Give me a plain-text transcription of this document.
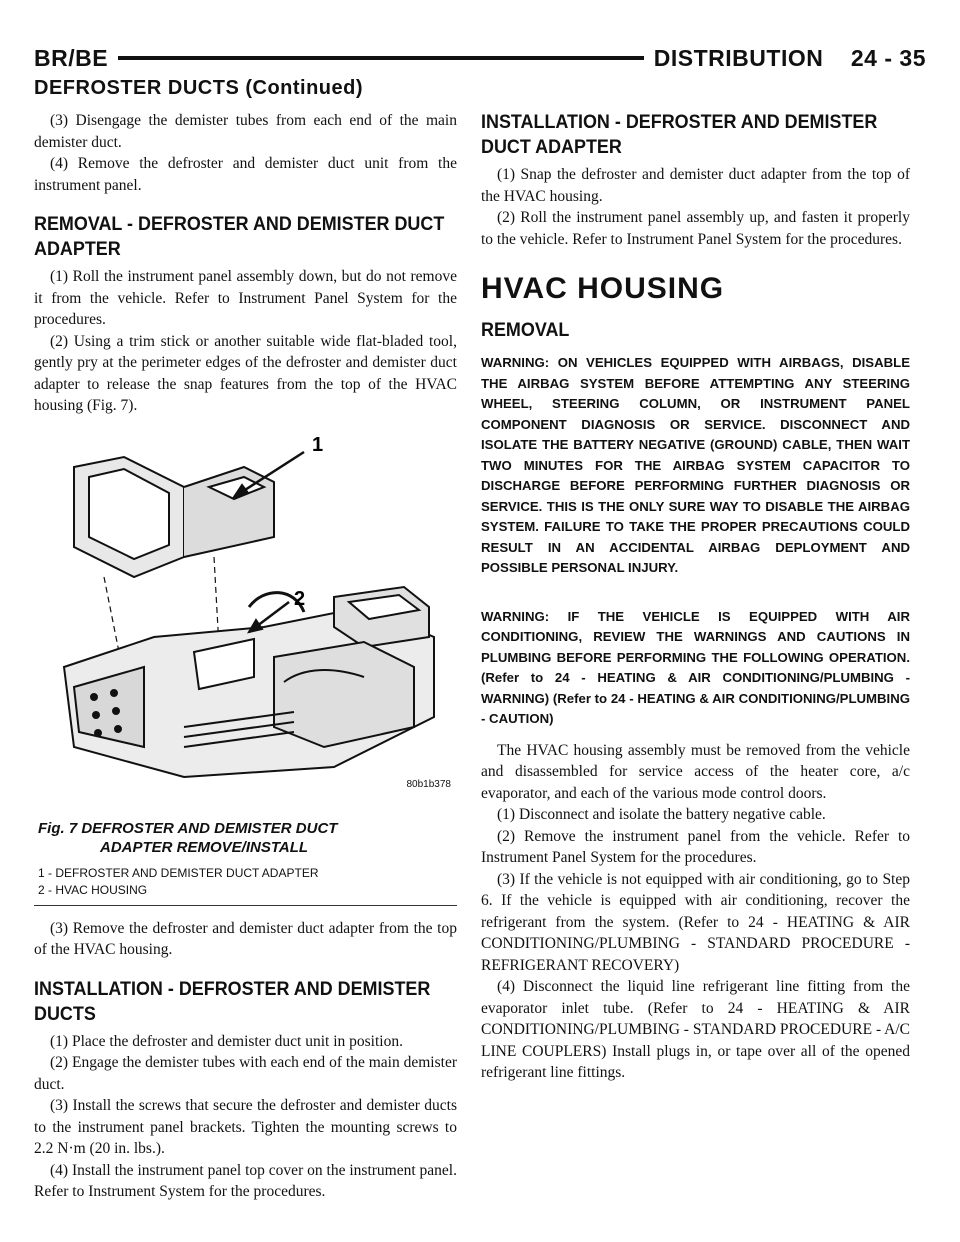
BR/BE	DISTRIBUTION    24 - 35
DEFROSTER DUCTS (Continued)

(3) Disengage the demister tubes from each end of the main demister duct.

(4) Remove the defroster and demister duct unit from the instrument panel.

REMOVAL - DEFROSTER AND DEMISTER DUCT ADAPTER

(1) Roll the instrument panel assembly down, but do not remove it from the vehicle. Refer to Instrument Panel System for the procedures.

(2) Using a trim stick or another suitable wide flat-bladed tool, gently pry at the perimeter edges of the defroster and demister duct adapter to release the snap features from the top of the HVAC housing (Fig. 7).

1
2
80b1b378
Fig. 7 DEFROSTER AND DEMISTER DUCT
ADAPTER REMOVE/INSTALL
1 - DEFROSTER AND DEMISTER DUCT ADAPTER
2 - HVAC HOUSING

(3) Remove the defroster and demister duct adapter from the top of the HVAC housing.

INSTALLATION - DEFROSTER AND DEMISTER DUCTS

(1) Place the defroster and demister duct unit in position.

(2) Engage the demister tubes with each end of the main demister duct.

(3) Install the screws that secure the defroster and demister ducts to the instrument panel brackets. Tighten the mounting screws to 2.2 N·m (20 in. lbs.).

(4) Install the instrument panel top cover on the instrument panel. Refer to Instrument System for the procedures.

INSTALLATION - DEFROSTER AND DEMISTER DUCT ADAPTER

(1) Snap the defroster and demister duct adapter from the top of the HVAC housing.

(2) Roll the instrument panel assembly up, and fasten it properly to the vehicle. Refer to Instrument Panel System for the procedures.

HVAC HOUSING
REMOVAL

WARNING: ON VEHICLES EQUIPPED WITH AIRBAGS, DISABLE THE AIRBAG SYSTEM BEFORE ATTEMPTING ANY STEERING WHEEL, STEERING COLUMN, OR INSTRUMENT PANEL COMPONENT DIAGNOSIS OR SERVICE. DISCONNECT AND ISOLATE THE BATTERY NEGATIVE (GROUND) CABLE, THEN WAIT TWO MINUTES FOR THE AIRBAG SYSTEM CAPACITOR TO DISCHARGE BEFORE PERFORMING FURTHER DIAGNOSIS OR SERVICE. THIS IS THE ONLY SURE WAY TO DISABLE THE AIRBAG SYSTEM. FAILURE TO TAKE THE PROPER PRECAUTIONS COULD RESULT IN AN ACCIDENTAL AIRBAG DEPLOYMENT AND POSSIBLE PERSONAL INJURY.

WARNING: IF THE VEHICLE IS EQUIPPED WITH AIR CONDITIONING, REVIEW THE WARNINGS AND CAUTIONS IN PLUMBING BEFORE PERFORMING THE FOLLOWING OPERATION. (Refer to 24 - HEATING & AIR CONDITIONING/PLUMBING - WARNING) (Refer to 24 - HEATING & AIR CONDITIONING/PLUMBING - CAUTION)

The HVAC housing assembly must be removed from the vehicle and disassembled for service access of the heater core, a/c evaporator, and each of the various mode control doors.

(1) Disconnect and isolate the battery negative cable.

(2) Remove the instrument panel from the vehicle. Refer to Instrument Panel System for the procedures.

(3) If the vehicle is not equipped with air conditioning, go to Step 6. If the vehicle is equipped with air conditioning, recover the refrigerant from the system. (Refer to 24 - HEATING & AIR CONDITIONING/PLUMBING - STANDARD PROCEDURE - REFRIGERANT RECOVERY)

(4) Disconnect the liquid line refrigerant line fitting from the evaporator inlet tube. (Refer to 24 - HEATING & AIR CONDITIONING/PLUMBING - STANDARD PROCEDURE - A/C LINE COUPLERS) Install plugs in, or tape over all of the opened refrigerant line fittings.
